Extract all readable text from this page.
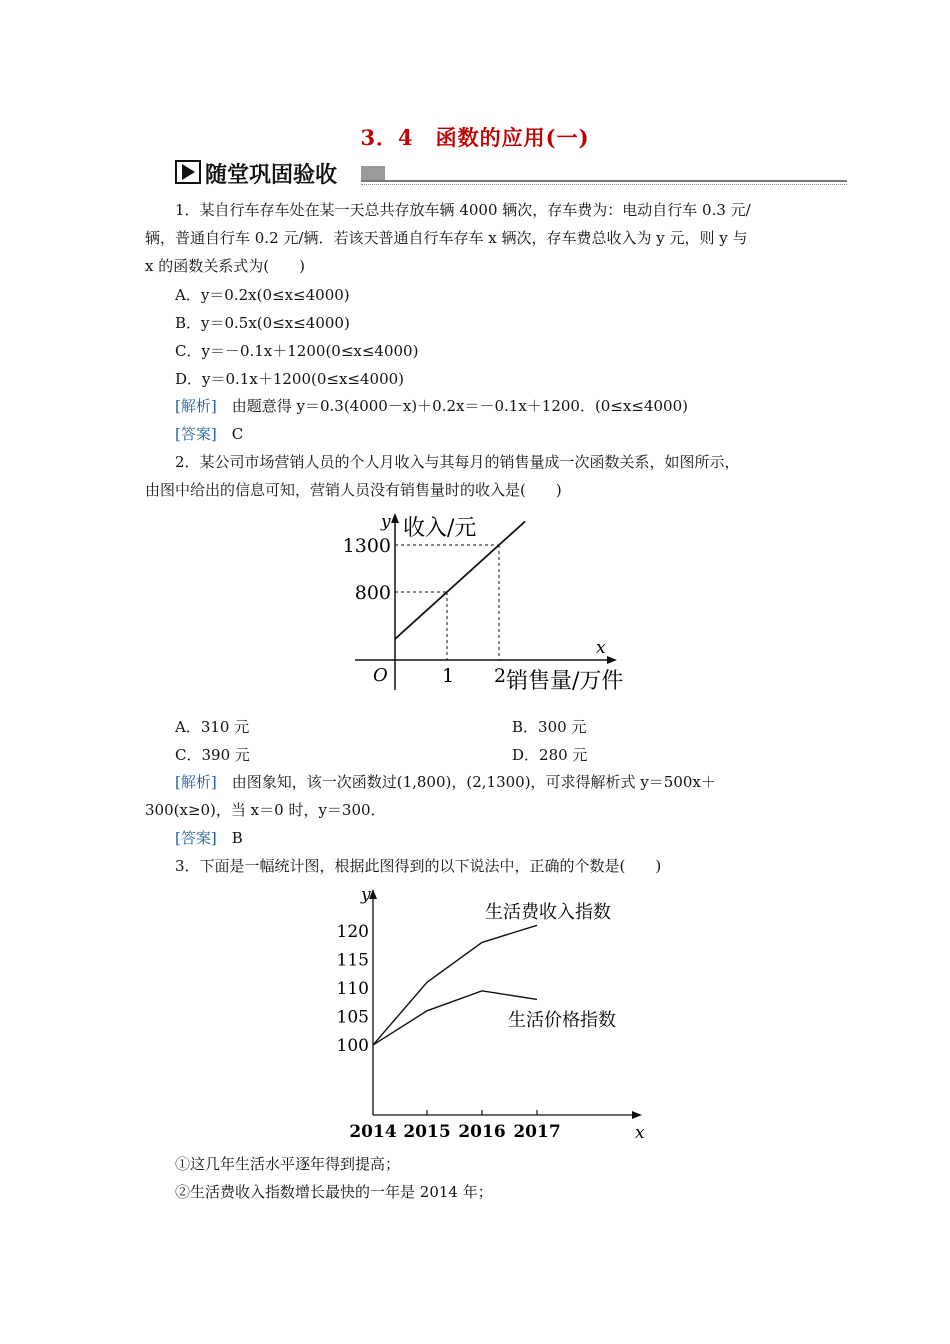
3．4　函数的应用(一)
随堂巩固验收
1．某自行车存车处在某一天总共存放车辆 4000 辆次，存车费为：电动自行车 0.3 元/
辆，普通自行车 0.2 元/辆．若该天普通自行车存车 x 辆次，存车费总收入为 y 元，则 y 与
x 的函数关系式为(　　)
A．y＝0.2x(0≤x≤4000)
B．y＝0.5x(0≤x≤4000)
C．y＝－0.1x＋1200(0≤x≤4000)
D．y＝0.1x＋1200(0≤x≤4000)
[解析]　由题意得 y＝0.3(4000－x)＋0.2x＝－0.1x＋1200．(0≤x≤4000)
[答案]　C
2．某公司市场营销人员的个人月收入与其每月的销售量成一次函数关系，如图所示，
由图中给出的信息可知，营销人员没有销售量时的收入是(　　)
y 收入/元
x
销售量/万件
O
1300
800
1 2
A．310 元	B．300 元
C．390 元	D．280 元
[解析]　由图象知，该一次函数过(1,800)，(2,1300)，可求得解析式 y＝500x＋
300(x≥0)，当 x＝0 时，y＝300．
[答案]　B
3．下面是一幅统计图，根据此图得到的以下说法中，正确的个数是(　　)
y
x
100
105
110
115
120
2014 2015 2016 2017
生活费收入指数
生活价格指数
①这几年生活水平逐年得到提高；
②生活费收入指数增长最快的一年是 2014 年；
